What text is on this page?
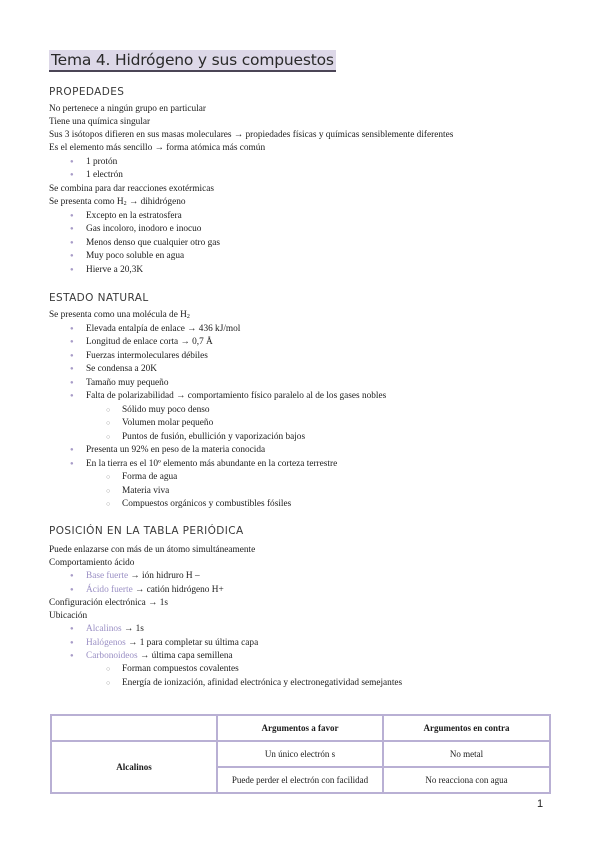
Tema 4. Hidrógeno y sus compuestos
PROPEDADES
No pertenece a ningún grupo en particular
Tiene una química singular
Sus 3 isótopos difieren en sus masas moleculares → propiedades físicas y químicas sensiblemente diferentes
Es el elemento más sencillo → forma atómica más común
● 1 protón
● 1 electrón
Se combina para dar reacciones exotérmicas
Se presenta como $H_2$ → dihidrógeno
● Excepto en la estratosfera
● Gas incoloro, inodoro e inocuo
● Menos denso que cualquier otro gas
● Muy poco soluble en agua
● Hierve a 20,3K
ESTADO NATURAL
Se presenta como una molécula de $H_2$
● Elevada entalpía de enlace → 436 kJ/mol
● Longitud de enlace corta → 0,7 Å
● Fuerzas intermoleculares débiles
● Se condensa a 20K
● Tamaño muy pequeño
● Falta de polarizabilidad → comportamiento físico paralelo al de los gases nobles
○ Sólido muy poco denso
○ Volumen molar pequeño
○ Puntos de fusión, ebullición y vaporización bajos
● Presenta un 92% en peso de la materia conocida
● En la tierra es el 10º elemento más abundante en la corteza terrestre
○ Forma de agua
○ Materia viva
○ Compuestos orgánicos y combustibles fósiles
POSICIÓN EN LA TABLA PERIÓDICA
Puede enlazarse con más de un átomo simultáneamente
Comportamiento ácido
● Base fuerte → ión hidruro H –
● Ácido fuerte → catión hidrógeno H+
Configuración electrónica → 1s
Ubicación
● Alcalinos → 1s
● Halógenos → 1 para completar su última capa
● Carbonoideos → última capa semillena
○ Forman compuestos covalentes
○ Energía de ionización, afinidad electrónica y electronegatividad semejantes
	Argumentos a favor	Argumentos en contra
Alcalinos	Un único electrón s	No metal
	Puede perder el electrón con facilidad	No reacciona con agua
1
